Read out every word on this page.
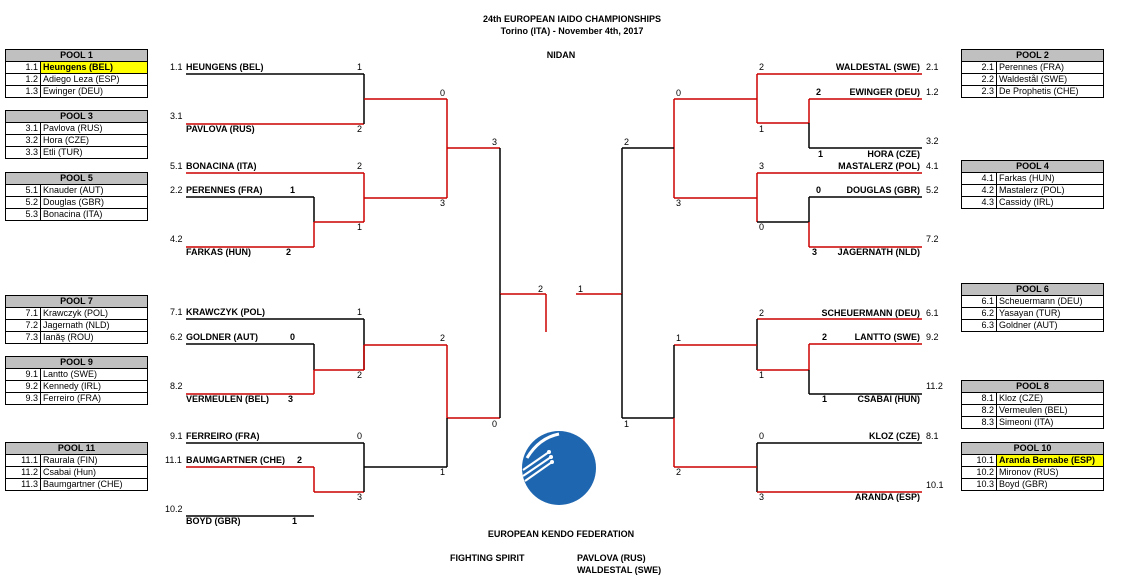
24th EUROPEAN IAIDO CHAMPIONSHIPS
Torino (ITA) - November 4th, 2017
NIDAN
POOL 1	
1.1	Heungens (BEL)
1.2	Adiego Leza (ESP)
1.3	Ewinger (DEU)
POOL 3	
3.1	Pavlova (RUS)
3.2	Hora (CZE)
3.3	Etli (TUR)
POOL 5	
5.1	Knauder (AUT)
5.2	Douglas (GBR)
5.3	Bonacina (ITA)
POOL 7	
7.1	Krawczyk (POL)
7.2	Jagernath (NLD)
7.3	Ianăş (ROU)
POOL 9	
9.1	Lantto (SWE)
9.2	Kennedy (IRL)
9.3	Ferreiro (FRA)
POOL 11	
11.1	Raurala (FIN)
11.2	Csabai (Hun)
11.3	Baumgartner (CHE)
POOL 2	
2.1	Perennes (FRA)
2.2	Waldestål (SWE)
2.3	De Prophetis (CHE)
POOL 4	
4.1	Farkas (HUN)
4.2	Mastalerz (POL)
4.3	Cassidy (IRL)
POOL 6	
6.1	Scheuermann (DEU)
6.2	Yasayan (TUR)
6.3	Goldner (AUT)
POOL 8	
8.1	Kloz (CZE)
8.2	Vermeulen (BEL)
8.3	Simeoni (ITA)
POOL 10	
10.1	Aranda Bernabe (ESP)
10.2	Mironov (RUS)
10.3	Boyd (GBR)
1.1 HEUNGENS (BEL)	1
3.1
PAVLOVA (RUS)	2
5.1 BONACINA (ITA)	2
2.2 PERENNES (FRA)	1
4.2
FARKAS (HUN)	2
1
7.1 KRAWCZYK (POL)	1
6.2 GOLDNER (AUT)	0
8.2
VERMEULEN (BEL) 3
2
9.1 FERREIRO (FRA)	0
11.1 BAUMGARTNER (CHE) 2
10.2
BOYD (GBR)	1
3
0
3
2
1
3
0
2
2	WALDESTAL (SWE) 2.1
2	EWINGER (DEU) 1.2
1
1	HORA (CZE)
3.2
3	MASTALERZ (POL) 4.1
0	DOUGLAS (GBR) 5.2
0
3	JAGERNATH (NLD)
7.2
2	SCHEUERMANN (DEU) 6.1
2	LANTTO (SWE) 9.2
1
1	CSABAI (HUN)
11.2
0	KLOZ (CZE) 8.1
3	ARANDA (ESP)
10.1
0
3
1
2
2
1
1
EUROPEAN KENDO FEDERATION
FIGHTING SPIRIT	PAVLOVA (RUS)
WALDESTAL (SWE)
